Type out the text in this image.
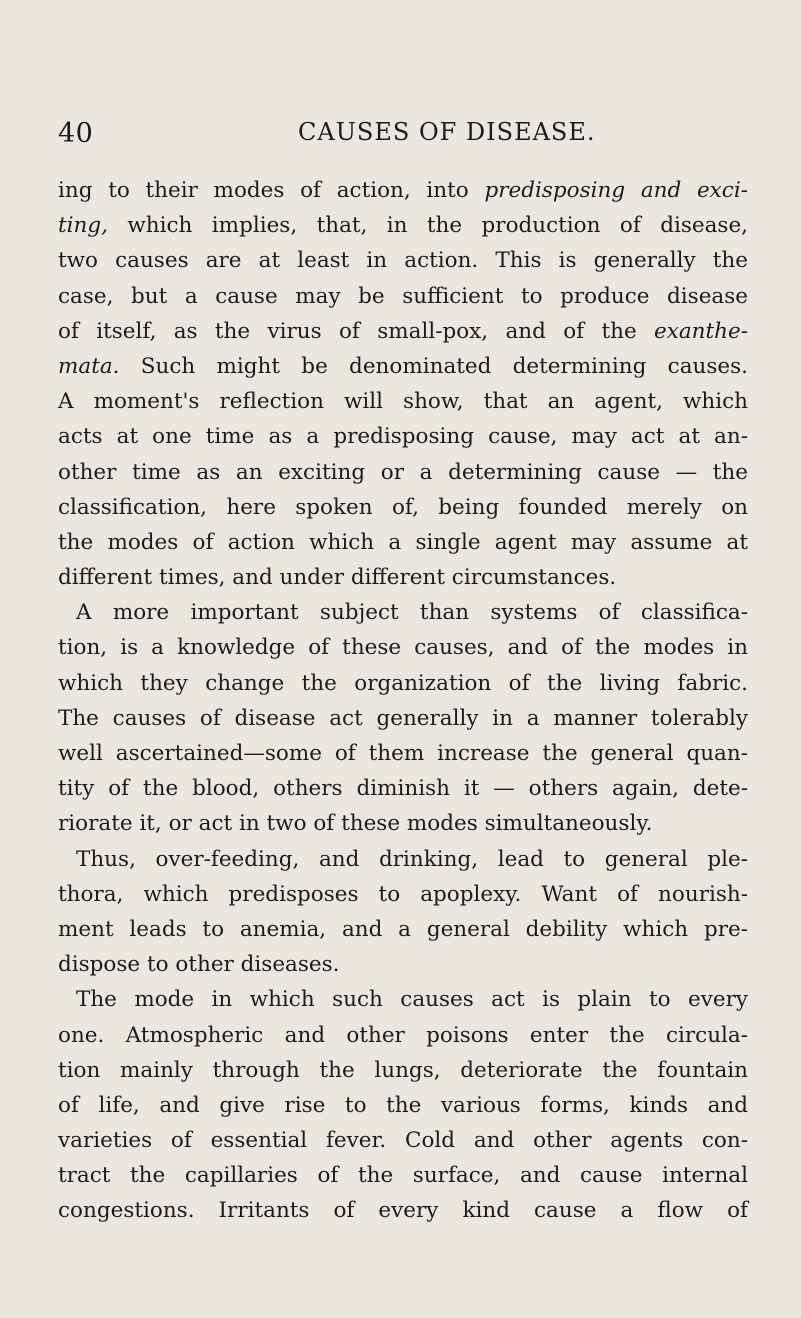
40	CAUSES OF DISEASE.
ing to their modes of action, into predisposing and exci-
ting, which implies, that, in the production of disease,
two causes are at least in action. This is generally the
case, but a cause may be sufficient to produce disease
of itself, as the virus of small-pox, and of the exanthe-
mata. Such might be denominated determining causes.
A moment's reflection will show, that an agent, which
acts at one time as a predisposing cause, may act at an-
other time as an exciting or a determining cause — the
classification, here spoken of, being founded merely on
the modes of action which a single agent may assume at
different times, and under different circumstances.
A more important subject than systems of classifica-
tion, is a knowledge of these causes, and of the modes in
which they change the organization of the living fabric.
The causes of disease act generally in a manner tolerably
well ascertained—some of them increase the general quan-
tity of the blood, others diminish it — others again, dete-
riorate it, or act in two of these modes simultaneously.
Thus, over-feeding, and drinking, lead to general ple-
thora, which predisposes to apoplexy. Want of nourish-
ment leads to anemia, and a general debility which pre-
dispose to other diseases.
The mode in which such causes act is plain to every
one. Atmospheric and other poisons enter the circula-
tion mainly through the lungs, deteriorate the fountain
of life, and give rise to the various forms, kinds and
varieties of essential fever. Cold and other agents con-
tract the capillaries of the surface, and cause internal
congestions. Irritants of every kind cause a flow of
